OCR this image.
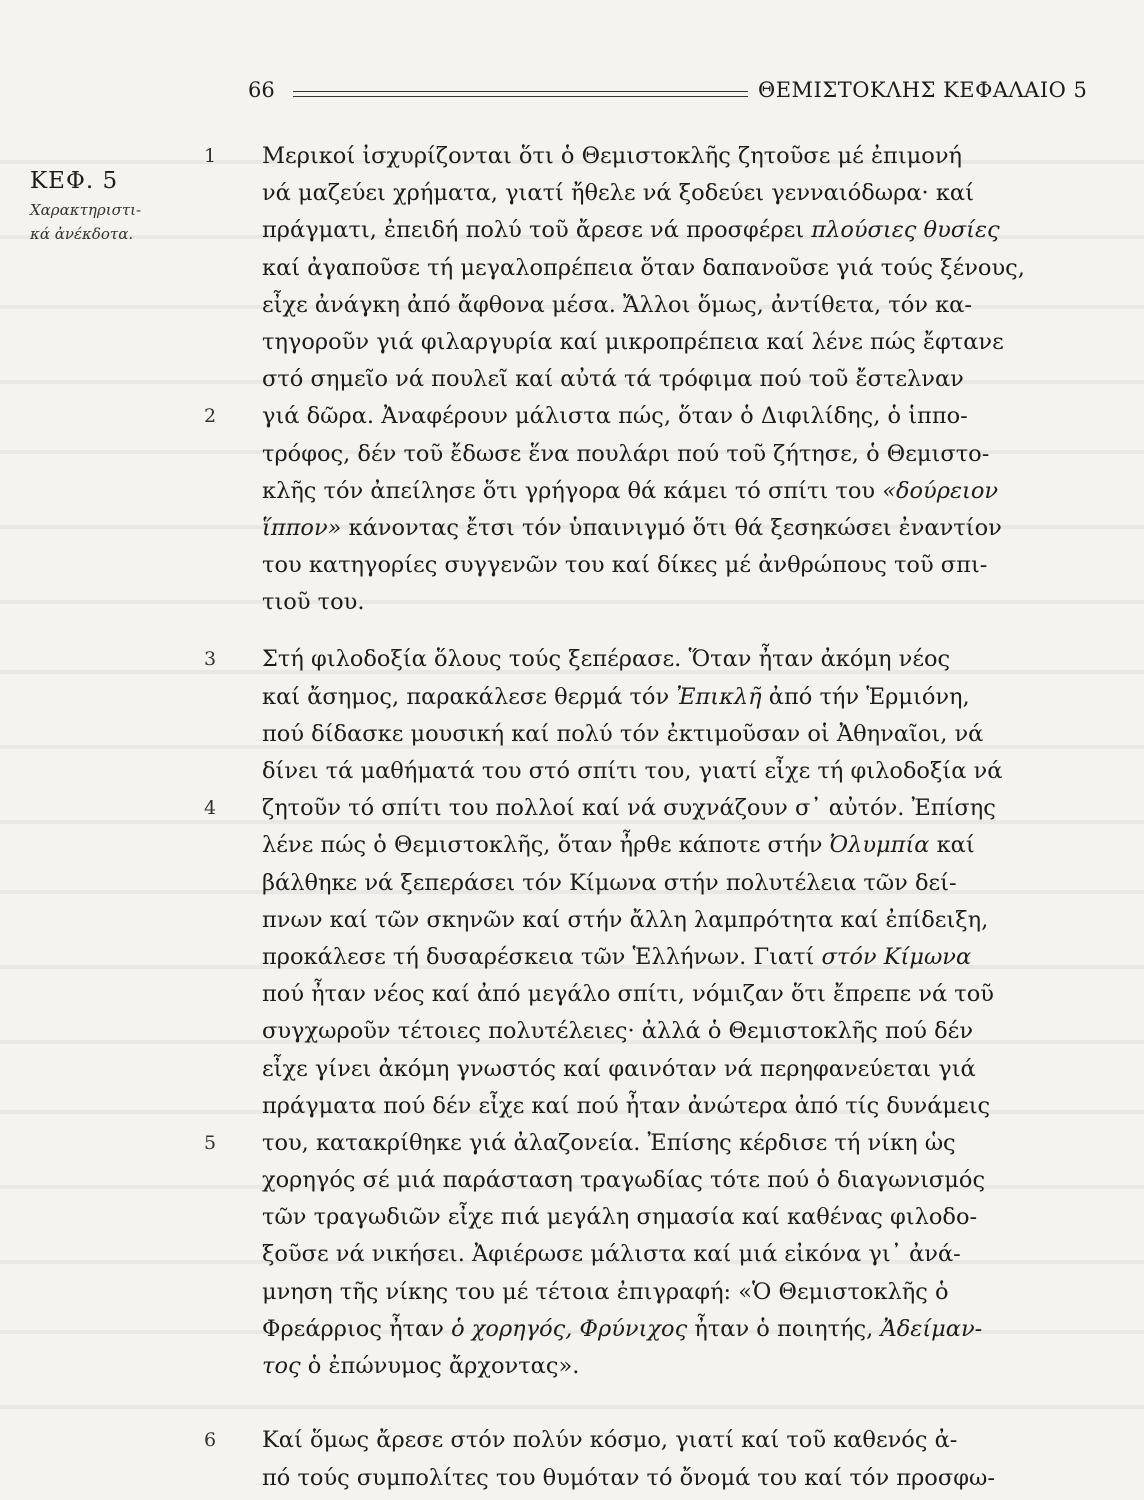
66	ΘΕΜΙΣΤΟΚΛΗΣ ΚΕΦΑΛΑΙΟ 5
ΚΕΦ. 5
Χαρακτηριστι- κά ἀνέκδοτα.
1 Μερικοί ἰσχυρίζονται ὅτι ὁ Θεμιστοκλῆς ζητοῦσε μέ ἐπιμονή
νά μαζεύει χρήματα, γιατί ἤθελε νά ξοδεύει γενναιόδωρα· καί
πράγματι, ἐπειδή πολύ τοῦ ἄρεσε νά προσφέρει πλούσιες θυσίες
καί ἀγαποῦσε τή μεγαλοπρέπεια ὅταν δαπανοῦσε γιά τούς ξένους,
εἶχε ἀνάγκη ἀπό ἄφθονα μέσα. Ἄλλοι ὅμως, ἀντίθετα, τόν κα-
τηγοροῦν γιά φιλαργυρία καί μικροπρέπεια καί λένε πώς ἔφτανε
στό σημεῖο νά πουλεῖ καί αὐτά τά τρόφιμα πού τοῦ ἔστελναν
2 γιά δῶρα. Ἀναφέρουν μάλιστα πώς, ὅταν ὁ Διφιλίδης, ὁ ἱππο-
τρόφος, δέν τοῦ ἔδωσε ἕνα πουλάρι πού τοῦ ζήτησε, ὁ Θεμιστο-
κλῆς τόν ἀπείλησε ὅτι γρήγορα θά κάμει τό σπίτι του «δούρειον
ἵππον» κάνοντας ἔτσι τόν ὑπαινιγμό ὅτι θά ξεσηκώσει ἐναντίον
του κατηγορίες συγγενῶν του καί δίκες μέ ἀνθρώπους τοῦ σπι-
τιοῦ του.
3 Στή φιλοδοξία ὅλους τούς ξεπέρασε. Ὅταν ἦταν ἀκόμη νέος
καί ἄσημος, παρακάλεσε θερμά τόν Ἐπικλῆ ἀπό τήν Ἑρμιόνη,
πού δίδασκε μουσική καί πολύ τόν ἐκτιμοῦσαν οἱ Ἀθηναῖοι, νά
δίνει τά μαθήματά του στό σπίτι του, γιατί εἶχε τή φιλοδοξία νά
4 ζητοῦν τό σπίτι του πολλοί καί νά συχνάζουν σ᾽ αὐτόν. Ἐπίσης
λένε πώς ὁ Θεμιστοκλῆς, ὅταν ἦρθε κάποτε στήν Ὀλυμπία καί
βάλθηκε νά ξεπεράσει τόν Κίμωνα στήν πολυτέλεια τῶν δεί-
πνων καί τῶν σκηνῶν καί στήν ἄλλη λαμπρότητα καί ἐπίδειξη,
προκάλεσε τή δυσαρέσκεια τῶν Ἑλλήνων. Γιατί στόν Κίμωνα
πού ἦταν νέος καί ἀπό μεγάλο σπίτι, νόμιζαν ὅτι ἔπρεπε νά τοῦ
συγχωροῦν τέτοιες πολυτέλειες· ἀλλά ὁ Θεμιστοκλῆς πού δέν
εἶχε γίνει ἀκόμη γνωστός καί φαινόταν νά περηφανεύεται γιά
πράγματα πού δέν εἶχε καί πού ἦταν ἀνώτερα ἀπό τίς δυνάμεις
5 του, κατακρίθηκε γιά ἀλαζονεία. Ἐπίσης κέρδισε τή νίκη ὡς
χορηγός σέ μιά παράσταση τραγωδίας τότε πού ὁ διαγωνισμός
τῶν τραγωδιῶν εἶχε πιά μεγάλη σημασία καί καθένας φιλοδο-
ξοῦσε νά νικήσει. Ἀφιέρωσε μάλιστα καί μιά εἰκόνα γι᾽ ἀνά-
μνηση τῆς νίκης του μέ τέτοια ἐπιγραφή: «Ὁ Θεμιστοκλῆς ὁ
Φρεάρριος ἦταν ὁ χορηγός, Φρύνιχος ἦταν ὁ ποιητής, Ἀδείμαν-
τος ὁ ἐπώνυμος ἄρχοντας».
6 Καί ὅμως ἄρεσε στόν πολύν κόσμο, γιατί καί τοῦ καθενός ἀ-
πό τούς συμπολίτες του θυμόταν τό ὄνομά του καί τόν προσφω-
